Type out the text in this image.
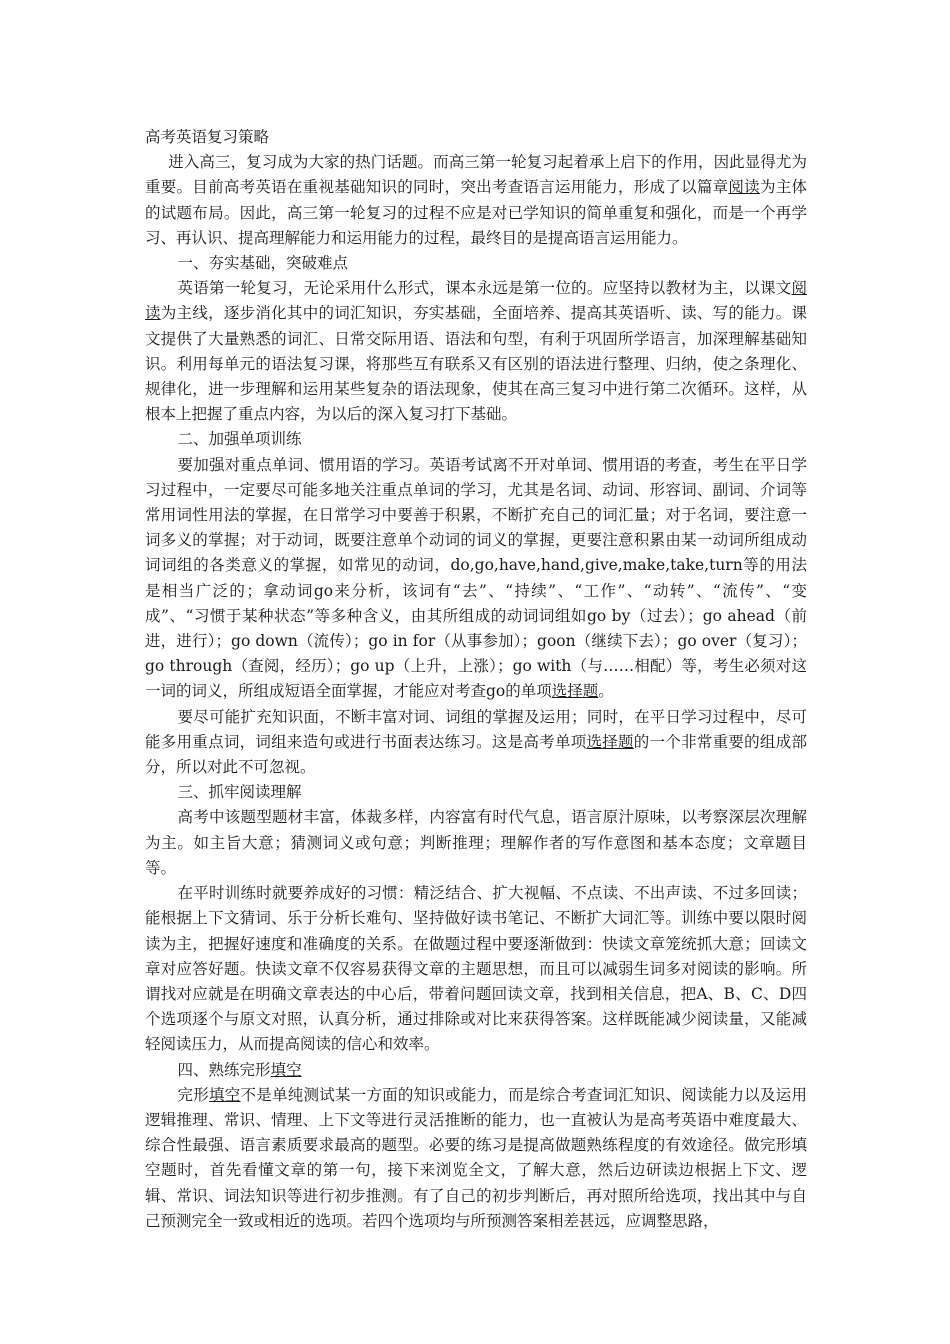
高考英语复习策略

进入高三，复习成为大家的热门话题。而高三第一轮复习起着承上启下的作用，因此显得尤为重要。目前高考英语在重视基础知识的同时，突出考查语言运用能力，形成了以篇章阅读为主体的试题布局。因此，高三第一轮复习的过程不应是对已学知识的简单重复和强化，而是一个再学习、再认识、提高理解能力和运用能力的过程，最终目的是提高语言运用能力。

一、夯实基础，突破难点

英语第一轮复习，无论采用什么形式，课本永远是第一位的。应坚持以教材为主，以课文阅读为主线，逐步消化其中的词汇知识，夯实基础，全面培养、提高其英语听、读、写的能力。课文提供了大量熟悉的词汇、日常交际用语、语法和句型，有利于巩固所学语言，加深理解基础知识。利用每单元的语法复习课，将那些互有联系又有区别的语法进行整理、归纳，使之条理化、规律化，进一步理解和运用某些复杂的语法现象，使其在高三复习中进行第二次循环。这样，从根本上把握了重点内容，为以后的深入复习打下基础。

二、加强单项训练

要加强对重点单词、惯用语的学习。英语考试离不开对单词、惯用语的考查，考生在平日学习过程中，一定要尽可能多地关注重点单词的学习，尤其是名词、动词、形容词、副词、介词等常用词性用法的掌握，在日常学习中要善于积累，不断扩充自己的词汇量；对于名词，要注意一词多义的掌握；对于动词，既要注意单个动词的词义的掌握，更要注意积累由某一动词所组成动词词组的各类意义的掌握，如常见的动词，do,go,have,hand,give,make,take,turn等的用法是相当广泛的；拿动词go来分析，该词有“去”、“持续”、“工作”、“动转”、“流传”、“变成”、“习惯于某种状态”等多种含义，由其所组成的动词词组如go by（过去）；go ahead（前进，进行）；go down（流传）；go in for（从事参加）；goon（继续下去）；go over（复习）；go through（查阅，经历）；go up（上升，上涨）；go with（与……相配）等，考生必须对这一词的词义，所组成短语全面掌握，才能应对考查go的单项选择题。

要尽可能扩充知识面，不断丰富对词、词组的掌握及运用；同时，在平日学习过程中，尽可能多用重点词，词组来造句或进行书面表达练习。这是高考单项选择题的一个非常重要的组成部分，所以对此不可忽视。

三、抓牢阅读理解

高考中该题型题材丰富，体裁多样，内容富有时代气息，语言原汁原味，以考察深层次理解为主。如主旨大意；猜测词义或句意；判断推理；理解作者的写作意图和基本态度；文章题目等。

在平时训练时就要养成好的习惯：精泛结合、扩大视幅、不点读、不出声读、不过多回读；能根据上下文猜词、乐于分析长难句、坚持做好读书笔记、不断扩大词汇等。训练中要以限时阅读为主，把握好速度和准确度的关系。在做题过程中要逐渐做到：快读文章笼统抓大意；回读文章对应答好题。快读文章不仅容易获得文章的主题思想，而且可以减弱生词多对阅读的影响。所谓找对应就是在明确文章表达的中心后，带着问题回读文章，找到相关信息，把A、B、C、D四个选项逐个与原文对照，认真分析，通过排除或对比来获得答案。这样既能减少阅读量，又能减轻阅读压力，从而提高阅读的信心和效率。

四、熟练完形填空

完形填空不是单纯测试某一方面的知识或能力，而是综合考查词汇知识、阅读能力以及运用逻辑推理、常识、情理、上下文等进行灵活推断的能力，也一直被认为是高考英语中难度最大、综合性最强、语言素质要求最高的题型。必要的练习是提高做题熟练程度的有效途径。做完形填空题时，首先看懂文章的第一句，接下来浏览全文，了解大意，然后边研读边根据上下文、逻辑、常识、词法知识等进行初步推测。有了自己的初步判断后，再对照所给选项，找出其中与自己预测完全一致或相近的选项。若四个选项均与所预测答案相差甚远，应调整思路，
